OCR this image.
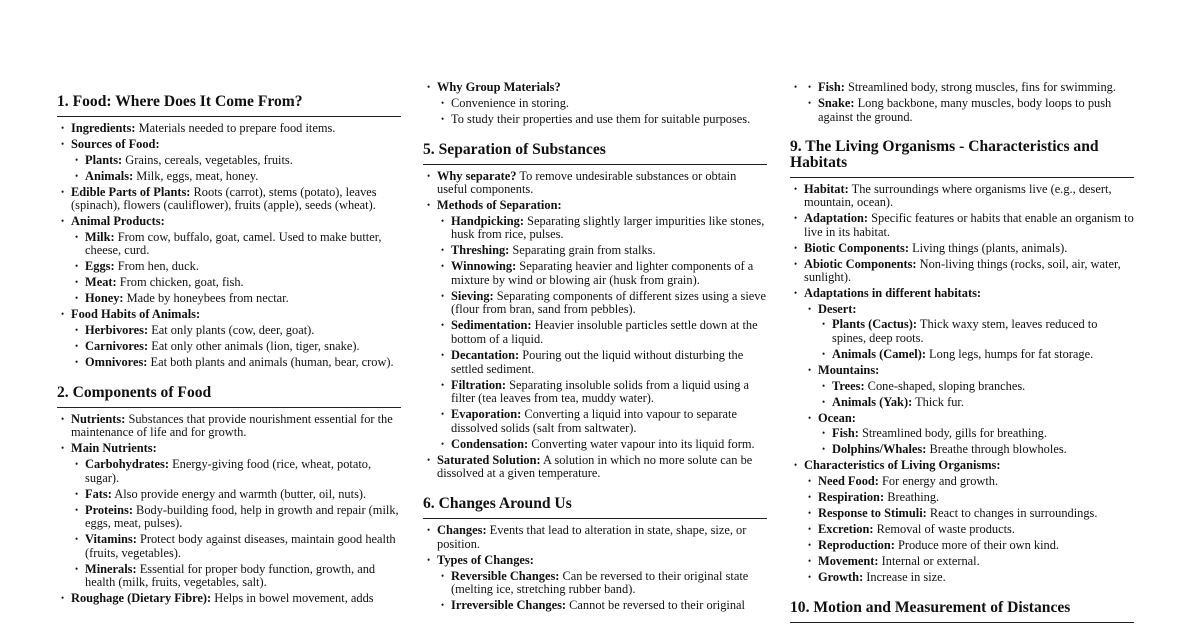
1. Food: Where Does It Come From?
• Ingredients: Materials needed to prepare food items.
• Sources of Food:
• Plants: Grains, cereals, vegetables, fruits.
• Animals: Milk, eggs, meat, honey.
• Edible Parts of Plants: Roots (carrot), stems (potato), leaves (spinach), flowers (cauliflower), fruits (apple), seeds (wheat).
• Animal Products:
• Milk: From cow, buffalo, goat, camel. Used to make butter, cheese, curd.
• Eggs: From hen, duck.
• Meat: From chicken, goat, fish.
• Honey: Made by honeybees from nectar.
• Food Habits of Animals:
• Herbivores: Eat only plants (cow, deer, goat).
• Carnivores: Eat only other animals (lion, tiger, snake).
• Omnivores: Eat both plants and animals (human, bear, crow).
2. Components of Food
• Nutrients: Substances that provide nourishment essential for the maintenance of life and for growth.
• Main Nutrients:
• Carbohydrates: Energy-giving food (rice, wheat, potato, sugar).
• Fats: Also provide energy and warmth (butter, oil, nuts).
• Proteins: Body-building food, help in growth and repair (milk, eggs, meat, pulses).
• Vitamins: Protect body against diseases, maintain good health (fruits, vegetables).
• Minerals: Essential for proper body function, growth, and health (milk, fruits, vegetables, salt).
• Roughage (Dietary Fibre): Helps in bowel movement, adds
• Why Group Materials?
• Convenience in storing.
• To study their properties and use them for suitable purposes.
5. Separation of Substances
• Why separate? To remove undesirable substances or obtain useful components.
• Methods of Separation:
• Handpicking: Separating slightly larger impurities like stones, husk from rice, pulses.
• Threshing: Separating grain from stalks.
• Winnowing: Separating heavier and lighter components of a mixture by wind or blowing air (husk from grain).
• Sieving: Separating components of different sizes using a sieve (flour from bran, sand from pebbles).
• Sedimentation: Heavier insoluble particles settle down at the bottom of a liquid.
• Decantation: Pouring out the liquid without disturbing the settled sediment.
• Filtration: Separating insoluble solids from a liquid using a filter (tea leaves from tea, muddy water).
• Evaporation: Converting a liquid into vapour to separate dissolved solids (salt from saltwater).
• Condensation: Converting water vapour into its liquid form.
• Saturated Solution: A solution in which no more solute can be dissolved at a given temperature.
6. Changes Around Us
• Changes: Events that lead to alteration in state, shape, size, or position.
• Types of Changes:
• Reversible Changes: Can be reversed to their original state (melting ice, stretching rubber band).
• Irreversible Changes: Cannot be reversed to their original
• • Fish: Streamlined body, strong muscles, fins for swimming.
• Snake: Long backbone, many muscles, body loops to push against the ground.
9. The Living Organisms - Characteristics and Habitats
• Habitat: The surroundings where organisms live (e.g., desert, mountain, ocean).
• Adaptation: Specific features or habits that enable an organism to live in its habitat.
• Biotic Components: Living things (plants, animals).
• Abiotic Components: Non-living things (rocks, soil, air, water, sunlight).
• Adaptations in different habitats:
• Desert:
• Plants (Cactus): Thick waxy stem, leaves reduced to spines, deep roots.
• Animals (Camel): Long legs, humps for fat storage.
• Mountains:
• Trees: Cone-shaped, sloping branches.
• Animals (Yak): Thick fur.
• Ocean:
• Fish: Streamlined body, gills for breathing.
• Dolphins/Whales: Breathe through blowholes.
• Characteristics of Living Organisms:
• Need Food: For energy and growth.
• Respiration: Breathing.
• Response to Stimuli: React to changes in surroundings.
• Excretion: Removal of waste products.
• Reproduction: Produce more of their own kind.
• Movement: Internal or external.
• Growth: Increase in size.
10. Motion and Measurement of Distances
